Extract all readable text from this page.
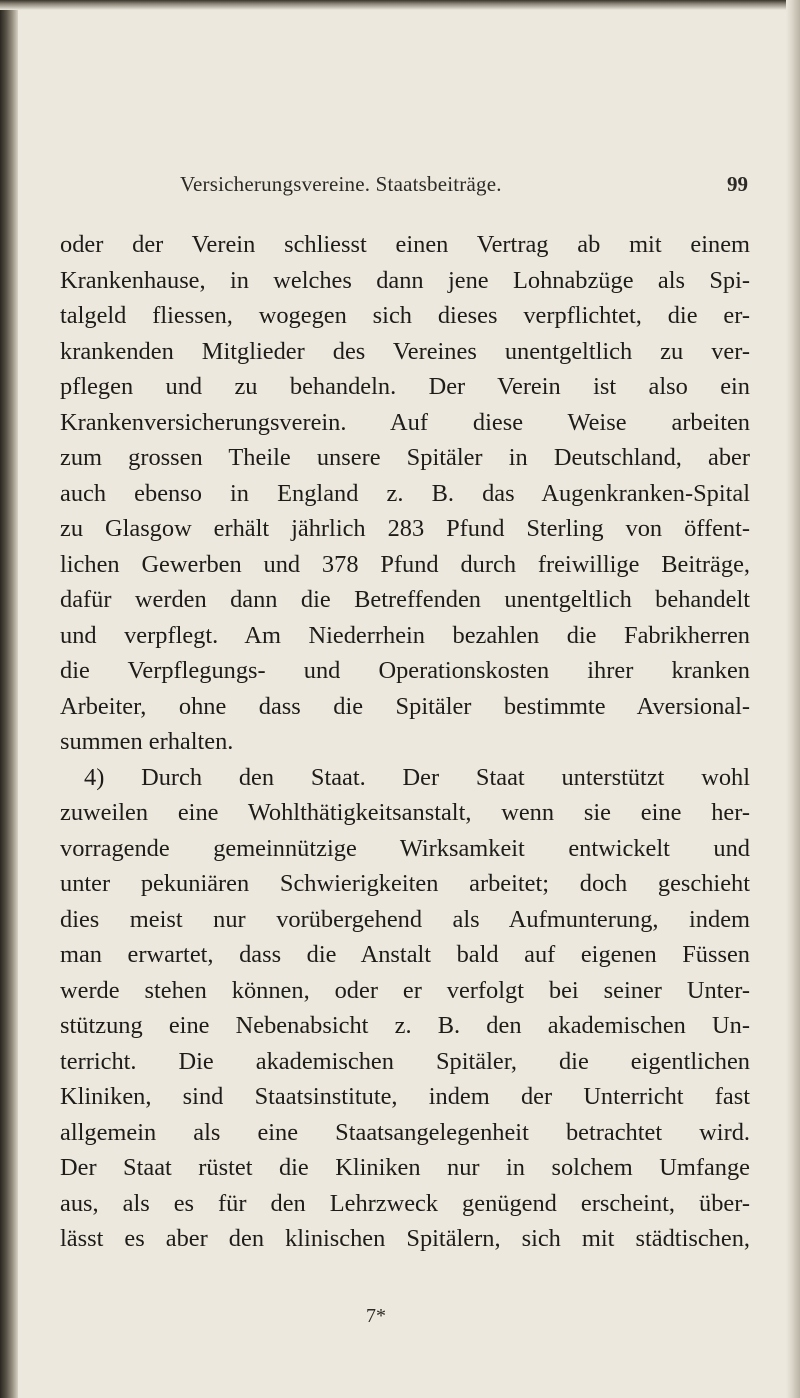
Versicherungsvereine. Staatsbeiträge.	99
oder der Verein schliesst einen Vertrag ab mit einem
Krankenhause, in welches dann jene Lohnabzüge als Spi-
talgeld fliessen, wogegen sich dieses verpflichtet, die er-
krankenden Mitglieder des Vereines unentgeltlich zu ver-
pflegen und zu behandeln. Der Verein ist also ein
Krankenversicherungsverein. Auf diese Weise arbeiten
zum grossen Theile unsere Spitäler in Deutschland, aber
auch ebenso in England z. B. das Augenkranken-Spital
zu Glasgow erhält jährlich 283 Pfund Sterling von öffent-
lichen Gewerben und 378 Pfund durch freiwillige Beiträge,
dafür werden dann die Betreffenden unentgeltlich behandelt
und verpflegt. Am Niederrhein bezahlen die Fabrikherren
die Verpflegungs- und Operationskosten ihrer kranken
Arbeiter, ohne dass die Spitäler bestimmte Aversional-
summen erhalten.
4) Durch den Staat. Der Staat unterstützt wohl
zuweilen eine Wohlthätigkeitsanstalt, wenn sie eine her-
vorragende gemeinnützige Wirksamkeit entwickelt und
unter pekuniären Schwierigkeiten arbeitet; doch geschieht
dies meist nur vorübergehend als Aufmunterung, indem
man erwartet, dass die Anstalt bald auf eigenen Füssen
werde stehen können, oder er verfolgt bei seiner Unter-
stützung eine Nebenabsicht z. B. den akademischen Un-
terricht. Die akademischen Spitäler, die eigentlichen
Kliniken, sind Staatsinstitute, indem der Unterricht fast
allgemein als eine Staatsangelegenheit betrachtet wird.
Der Staat rüstet die Kliniken nur in solchem Umfange
aus, als es für den Lehrzweck genügend erscheint, über-
lässt es aber den klinischen Spitälern, sich mit städtischen,
7*
